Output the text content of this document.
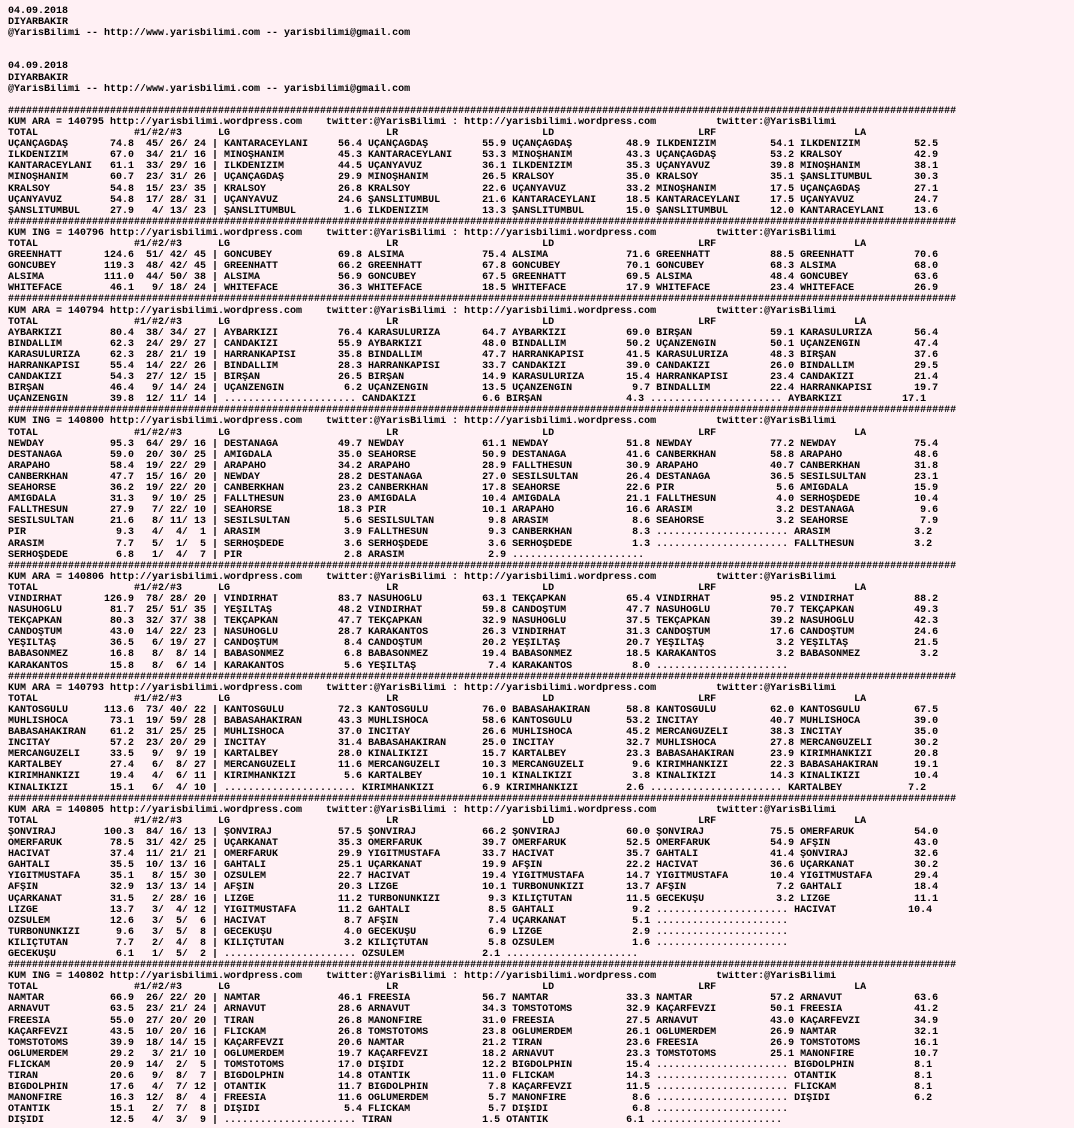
04.09.2018
DIYARBAKIR
@YarisBilimi -- http://www.yarisbilimi.com -- yarisbilimi@gmail.com
04.09.2018
DIYARBAKIR
@YarisBilimi -- http://www.yarisbilimi.com -- yarisbilimi@gmail.com
##############################################################################################################################################################
KUM ARA = 140795 http://yarisbilimi.wordpress.com    twitter:@YarisBilimi : http://yarisbilimi.wordpress.com          twitter:@YarisBilimi
TOTAL                #1/#2/#3      LG                          LR                        LD                        LRF                       LA
UÇANÇAĞDAŞ       74.8  45/ 26/ 24 | KANTARACEYLANI     56.4 UÇANÇAĞDAŞ         55.9 UÇANÇAĞDAŞ         48.9 İLKDENİZİM         54.1 İLKDENİZİM         52.5
İLKDENİZİM       67.0  34/ 21/ 16 | MİNOŞHANIM         45.3 KANTARACEYLANI     53.3 MİNOŞHANIM         43.3 UÇANÇAĞDAŞ         53.2 KRALSOY            42.9
KANTARACEYLANI   61.1  33/ 29/ 16 | İLKDENİZİM         44.5 UÇANYAVUZ          36.1 İLKDENİZİM         35.3 UÇANYAVUZ          39.8 MİNOŞHANIM         38.1
MİNOŞHANIM       60.7  23/ 31/ 26 | UÇANÇAĞDAŞ         29.9 MİNOŞHANIM         26.5 KRALSOY            35.0 KRALSOY            35.1 ŞANSLITUMBUL       30.3
KRALSOY          54.8  15/ 23/ 35 | KRALSOY            26.8 KRALSOY            22.6 UÇANYAVUZ          33.2 MİNOŞHANIM         17.5 UÇANÇAĞDAŞ         27.1
UÇANYAVUZ        54.8  17/ 28/ 31 | UÇANYAVUZ          24.6 ŞANSLITUMBUL       21.6 KANTARACEYLANI     18.5 KANTARACEYLANI     17.5 UÇANYAVUZ          24.7
ŞANSLITUMBUL     27.9   4/ 13/ 23 | ŞANSLITUMBUL        1.6 İLKDENİZİM         13.3 ŞANSLITUMBUL       15.0 ŞANSLITUMBUL       12.0 KANTARACEYLANI     13.6
##############################################################################################################################################################
KUM ING = 140796 http://yarisbilimi.wordpress.com    twitter:@YarisBilimi : http://yarisbilimi.wordpress.com          twitter:@YarisBilimi
TOTAL                #1/#2/#3      LG                          LR                        LD                        LRF                       LA
GREENHATT       124.6  51/ 42/ 45 | GONCÜBEY           69.8 ALSIMA             75.4 ALSIMA             71.6 GREENHATT          88.5 GREENHATT          70.6
GONCÜBEY        119.3  48/ 42/ 45 | GREENHATT          66.2 GREENHATT          67.8 GONCÜBEY           70.1 GONCÜBEY           68.3 ALSIMA             68.0
ALSIMA          111.0  44/ 50/ 38 | ALSIMA             56.9 GONCÜBEY           67.5 GREENHATT          69.5 ALSIMA             48.4 GONCÜBEY           63.6
WHITEFACE        46.1   9/ 18/ 24 | WHITEFACE          36.3 WHITEFACE          18.5 WHITEFACE          17.9 WHITEFACE          23.4 WHITEFACE          26.9
##############################################################################################################################################################
KUM ARA = 140794 http://yarisbilimi.wordpress.com    twitter:@YarisBilimi : http://yarisbilimi.wordpress.com          twitter:@YarisBilimi
TOTAL                #1/#2/#3      LG                          LR                        LD                        LRF                       LA
AYBARKIZI        80.4  38/ 34/ 27 | AYBARKIZI          76.4 KARASULURIZA       64.7 AYBARKIZI          69.0 BİRŞAN             59.1 KARASULURIZA       56.4
BİNDALLIM        62.3  24/ 29/ 27 | CANDAKIZI          55.9 AYBARKIZI          48.0 BİNDALLIM          50.2 UÇANZENGİN         50.1 UÇANZENGİN         47.4
KARASULURIZA     62.3  28/ 21/ 19 | HARRANKAPISI       35.8 BİNDALLIM          47.7 HARRANKAPISI       41.5 KARASULURIZA       48.3 BİRŞAN             37.6
HARRANKAPISI     55.4  14/ 22/ 26 | BİNDALLIM          28.3 HARRANKAPISI       33.7 CANDAKIZI          39.0 CANDAKIZI          26.0 BİNDALLIM          29.5
CANDAKIZI        54.3  27/ 12/ 15 | BİRŞAN             26.5 BİRŞAN             14.9 KARASULURIZA       15.4 HARRANKAPISI       23.4 CANDAKIZI          21.4
BİRŞAN           46.4   9/ 14/ 24 | UÇANZENGİN          6.2 UÇANZENGİN         13.5 UÇANZENGİN          9.7 BİNDALLIM          22.4 HARRANKAPISI       19.7
UÇANZENGİN       39.8  12/ 11/ 14 | ...................... CANDAKIZI           6.6 BİRŞAN              4.3 ...................... AYBARKIZI          17.1
##############################################################################################################################################################
KUM ING = 140800 http://yarisbilimi.wordpress.com    twitter:@YarisBilimi : http://yarisbilimi.wordpress.com          twitter:@YarisBilimi
TOTAL                #1/#2/#3      LG                          LR                        LD                        LRF                       LA
NEWDAY           95.3  64/ 29/ 16 | DESTANAGA          49.7 NEWDAY             61.1 NEWDAY             51.8 NEWDAY             77.2 NEWDAY             75.4
DESTANAGA        59.0  20/ 30/ 25 | AMIGDALA           35.0 SEAHORSE           50.9 DESTANAGA          41.6 CANBERKHAN         58.8 ARAPAHO            48.6
ARAPAHO          58.4  19/ 22/ 29 | ARAPAHO            34.2 ARAPAHO            28.9 FALLTHESUN         30.9 ARAPAHO            40.7 CANBERKHAN         31.8
CANBERKHAN       47.7  15/ 16/ 20 | NEWDAY             28.2 DESTANAGA          27.0 SESILSULTAN        26.4 DESTANAGA          36.5 SESILSULTAN        23.1
SEAHORSE         36.2  19/ 22/ 20 | CANBERKHAN         23.2 CANBERKHAN         17.8 SEAHORSE           22.6 PİR                 5.6 AMIGDALA           15.9
AMIGDALA         31.3   9/ 10/ 25 | FALLTHESUN         23.0 AMIGDALA           10.4 AMIGDALA           21.1 FALLTHESUN          4.0 SERHOŞDEDE         10.4
FALLTHESUN       27.9   7/ 22/ 10 | SEAHORSE           18.3 PİR                10.1 ARAPAHO            16.6 ARASIM              3.2 DESTANAGA           9.6
SESILSULTAN      21.6   8/ 11/ 13 | SESILSULTAN         5.6 SESILSULTAN         9.8 ARASIM              8.6 SEAHORSE            3.2 SEAHORSE            7.9
PİR               9.3   4/  4/  1 | ARASIM              3.9 FALLTHESUN          9.3 CANBERKHAN          8.3 ...................... ARASIM              3.2
ARASIM            7.7   5/  1/  5 | SERHOŞDEDE          3.6 SERHOŞDEDE          3.6 SERHOŞDEDE          1.3 ...................... FALLTHESUN          3.2
SERHOŞDEDE        6.8   1/  4/  7 | PİR                 2.8 ARASIM              2.9 ......................
##############################################################################################################################################################
KUM ARA = 140806 http://yarisbilimi.wordpress.com    twitter:@YarisBilimi : http://yarisbilimi.wordpress.com          twitter:@YarisBilimi
TOTAL                #1/#2/#3      LG                          LR                        LD                        LRF                       LA
VİNDİRHAT       126.9  78/ 28/ 20 | VİNDİRHAT          83.7 NASUHOĞLU          63.1 TEKÇAPKAN          65.4 VİNDİRHAT          95.2 VİNDİRHAT          88.2
NASUHOĞLU        81.7  25/ 51/ 35 | YEŞİLTAŞ           48.2 VİNDİRHAT          59.8 CANDOŞTUM          47.7 NASUHOĞLU          70.7 TEKÇAPKAN          49.3
TEKÇAPKAN        80.3  32/ 37/ 38 | TEKÇAPKAN          47.7 TEKÇAPKAN          32.9 NASUHOĞLU          37.5 TEKÇAPKAN          39.2 NASUHOĞLU          42.3
CANDOŞTUM        43.0  14/ 22/ 23 | NASUHOĞLU          28.7 KARAKANTOS         26.3 VİNDİRHAT          31.3 CANDOŞTUM          17.6 CANDOŞTUM          24.6
YEŞİLTAŞ         36.5   6/ 19/ 27 | CANDOŞTUM           8.4 CANDOŞTUM          20.2 YEŞİLTAŞ           20.7 YEŞİLTAŞ            3.2 YEŞİLTAŞ           21.5
BABASONMEZ       16.8   8/  8/ 14 | BABASONMEZ          6.8 BABASONMEZ         19.4 BABASONMEZ         18.5 KARAKANTOS          3.2 BABASONMEZ          3.2
KARAKANTOS       15.8   8/  6/ 14 | KARAKANTOS          5.6 YEŞİLTAŞ            7.4 KARAKANTOS          8.0 ......................
##############################################################################################################################################################
KUM ARA = 140793 http://yarisbilimi.wordpress.com    twitter:@YarisBilimi : http://yarisbilimi.wordpress.com          twitter:@YarisBilimi
TOTAL                #1/#2/#3      LG                          LR                        LD                        LRF                       LA
KANTOSGÜLÜ      113.6  73/ 40/ 22 | KANTOSGÜLÜ         72.3 KANTOSGÜLÜ         76.0 BABASAHAKIRAN      58.8 KANTOSGÜLÜ         62.0 KANTOSGÜLÜ         67.5
MUHLİSHOCA       73.1  19/ 59/ 28 | BABASAHAKIRAN      43.3 MUHLİSHOCA         58.6 KANTOSGÜLÜ         53.2 İNCİTAY            40.7 MUHLİSHOCA         39.0
BABASAHAKIRAN    61.2  31/ 25/ 25 | MUHLİSHOCA         37.0 İNCİTAY            26.6 MUHLİSHOCA         45.2 MERCANGÜZELİ       38.3 İNCİTAY            35.0
İNCİTAY          57.2  23/ 20/ 29 | İNCİTAY            31.4 BABASAHAKIRAN      25.0 İNCİTAY            32.7 MUHLİSHOCA         27.8 MERCANGÜZELİ       30.2
MERCANGÜZELİ     33.5   9/  9/ 19 | KARTALBEY          28.0 KINALIKIZI         15.7 KARTALBEY          23.3 BABASAHAKIRAN      23.9 KIRIMHANKIZI       20.8
KARTALBEY        27.4   6/  8/ 27 | MERCANGÜZELİ       11.6 MERCANGÜZELİ       10.3 MERCANGÜZELİ        9.6 KIRIMHANKIZI       22.3 BABASAHAKIRAN      19.1
KIRIMHANKIZI     19.4   4/  6/ 11 | KIRIMHANKIZI        5.6 KARTALBEY          10.1 KINALIKIZI          3.8 KINALIKIZI         14.3 KINALIKIZI         10.4
KINALIKIZI       15.1   6/  4/ 10 | ...................... KIRIMHANKIZI        6.9 KIRIMHANKIZI        2.6 ...................... KARTALBEY           7.2
##############################################################################################################################################################
KUM ARA = 140805 http://yarisbilimi.wordpress.com    twitter:@YarisBilimi : http://yarisbilimi.wordpress.com          twitter:@YarisBilimi
TOTAL                #1/#2/#3      LG                          LR                        LD                        LRF                       LA
ŞONVİRAJ        100.3  84/ 16/ 13 | ŞONVİRAJ           57.5 ŞONVİRAJ           66.2 ŞONVİRAJ           60.0 ŞONVİRAJ           75.5 ÖMERFARUK          54.0
ÖMERFARUK        78.5  31/ 42/ 25 | UÇARKANAT          35.3 ÖMERFARUK          39.7 ÖMERFARUK          52.5 ÖMERFARUK          54.9 AFŞİN              43.0
HACİVAT          37.4  11/ 21/ 21 | ÖMERFARUK          29.9 YİĞİTMUSTAFA       33.7 HACİVAT            35.7 GAHTALI            41.4 ŞONVİRAJ           32.6
GAHTALI          35.5  10/ 13/ 16 | GAHTALI            25.1 UÇARKANAT          19.9 AFŞİN              22.2 HACİVAT            36.6 UÇARKANAT          30.2
YİĞİTMUSTAFA     35.1   8/ 15/ 30 | ÖZSULEM            22.7 HACİVAT            19.4 YİĞİTMUSTAFA       14.7 YİĞİTMUSTAFA       10.4 YİĞİTMUSTAFA       29.4
AFŞİN            32.9  13/ 13/ 14 | AFŞİN              20.3 LİZGE              10.1 TURBONUNKIZI       13.7 AFŞİN               7.2 GAHTALI            18.4
UÇARKANAT        31.5   2/ 28/ 16 | LİZGE              11.2 TURBONUNKIZI        9.3 KILIÇTUTAN         11.5 GECEKUŞU            3.2 LİZGE              11.1
LİZGE            13.7   3/  4/ 12 | YİĞİTMUSTAFA       11.2 GAHTALI             8.5 GAHTALI             9.2 ...................... HACİVAT            10.4
ÖZSULEM          12.6   3/  5/  6 | HACİVAT             8.7 AFŞİN               7.4 UÇARKANAT           5.1 ......................
TURBONUNKIZI      9.6   3/  5/  8 | GECEKUŞU            4.0 GECEKUŞU            6.9 LİZGE               2.9 ......................
KILIÇTUTAN        7.7   2/  4/  8 | KILIÇTUTAN          3.2 KILIÇTUTAN          5.8 ÖZSULEM             1.6 ......................
GECEKUŞU          6.1   1/  5/  2 | ...................... ÖZSULEM             2.1 ......................
##############################################################################################################################################################
KUM ING = 140802 http://yarisbilimi.wordpress.com    twitter:@YarisBilimi : http://yarisbilimi.wordpress.com          twitter:@YarisBilimi
TOTAL                #1/#2/#3      LG                          LR                        LD                        LRF                       LA
NAMTAR           66.9  26/ 22/ 20 | NAMTAR             46.1 FREESIA            56.7 NAMTAR             33.3 NAMTAR             57.2 ARNAVUT            63.6
ARNAVUT          63.5  23/ 21/ 24 | ARNAVUT            28.6 ARNAVUT            34.3 TOMSTOTOMS         32.9 KAÇARFEVZİ         50.1 FREESIA            41.2
FREESIA          55.0  27/ 20/ 20 | TİRAN              26.8 MANONFIRE          31.0 FREESIA            27.5 ARNAVUT            43.0 KAÇARFEVZİ         34.9
KAÇARFEVZİ       43.5  10/ 20/ 16 | FLICKAM            26.8 TOMSTOTOMS         23.8 OĞLUMERDEM         26.1 OĞLUMERDEM         26.9 NAMTAR             32.1
TOMSTOTOMS       39.9  18/ 14/ 15 | KAÇARFEVZİ         20.6 NAMTAR             21.2 TİRAN              23.6 FREESIA            26.9 TOMSTOTOMS         16.1
OĞLUMERDEM       29.2   3/ 21/ 10 | OĞLUMERDEM         19.7 KAÇARFEVZİ         18.2 ARNAVUT            23.3 TOMSTOTOMS         25.1 MANONFIRE          10.7
FLICKAM          20.9  14/  2/  5 | TOMSTOTOMS         17.0 DİŞİDİ             12.2 BIGDOLPHIN         15.4 ...................... BIGDOLPHIN          8.1
TİRAN            20.6   9/  8/  7 | BIGDOLPHIN         14.8 OTANTİK            11.0 FLICKAM            14.3 ...................... OTANTİK             8.1
BIGDOLPHIN       17.6   4/  7/ 12 | OTANTİK            11.7 BIGDOLPHIN          7.8 KAÇARFEVZİ         11.5 ...................... FLICKAM             8.1
MANONFIRE        16.3  12/  8/  4 | FREESIA            11.6 OĞLUMERDEM          5.7 MANONFIRE           8.6 ...................... DİŞİDİ              6.2
OTANTİK          15.1   2/  7/  8 | DİŞİDİ              5.4 FLICKAM             5.7 DİŞİDİ              6.8 ......................
DİŞİDİ           12.5   4/  3/  9 | ...................... TİRAN               1.5 OTANTİK             6.1 ......................
